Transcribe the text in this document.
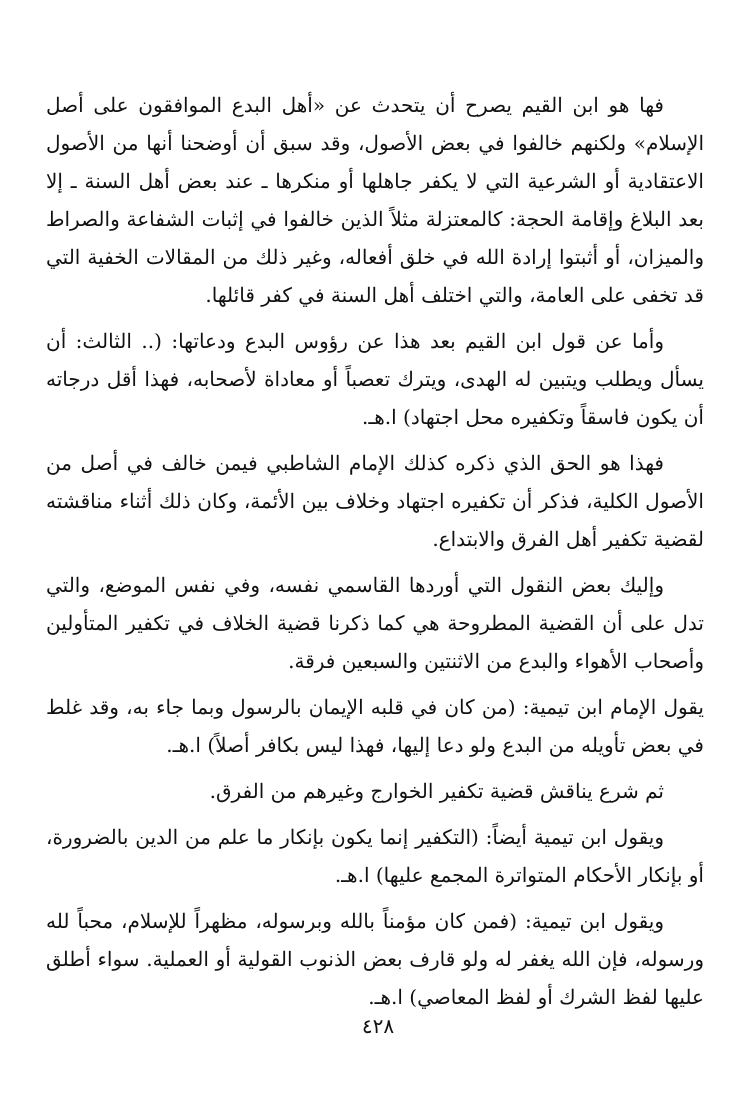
فها هو ابن القيم يصرح أن يتحدث عن «أهل البدع الموافقون على أصل الإسلام» ولكنهم خالفوا في بعض الأصول، وقد سبق أن أوضحنا أنها من الأصول الاعتقادية أو الشرعية التي لا يكفر جاهلها أو منكرها ـ عند بعض أهل السنة ـ إلا بعد البلاغ وإقامة الحجة: كالمعتزلة مثلاً الذين خالفوا في إثبات الشفاعة والصراط والميزان، أو أثبتوا إرادة الله في خلق أفعاله، وغير ذلك من المقالات الخفية التي قد تخفى على العامة، والتي اختلف أهل السنة في كفر قائلها.

وأما عن قول ابن القيم بعد هذا عن رؤوس البدع ودعاتها: (.. الثالث: أن يسأل ويطلب ويتبين له الهدى، ويترك تعصباً أو معاداة لأصحابه، فهذا أقل درجاته أن يكون فاسقاً وتكفيره محل اجتهاد) ا.هـ.

فهذا هو الحق الذي ذكره كذلك الإمام الشاطبي فيمن خالف في أصل من الأصول الكلية، فذكر أن تكفيره اجتهاد وخلاف بين الأئمة، وكان ذلك أثناء مناقشته لقضية تكفير أهل الفرق والابتداع.

وإليك بعض النقول التي أوردها القاسمي نفسه، وفي نفس الموضع، والتي تدل على أن القضية المطروحة هي كما ذكرنا قضية الخلاف في تكفير المتأولين وأصحاب الأهواء والبدع من الاثنتين والسبعين فرقة.

يقول الإمام ابن تيمية: (من كان في قلبه الإيمان بالرسول وبما جاء به، وقد غلط في بعض تأويله من البدع ولو دعا إليها، فهذا ليس بكافر أصلاً) ا.هـ.

ثم شرع يناقش قضية تكفير الخوارج وغيرهم من الفرق.

ويقول ابن تيمية أيضاً: (التكفير إنما يكون بإنكار ما علم من الدين بالضرورة، أو بإنكار الأحكام المتواترة المجمع عليها) ا.هـ.

ويقول ابن تيمية: (فمن كان مؤمناً بالله وبرسوله، مظهراً للإسلام، محباً لله ورسوله، فإن الله يغفر له ولو قارف بعض الذنوب القولية أو العملية. سواء أطلق عليها لفظ الشرك أو لفظ المعاصي) ا.هـ.

٤٢٨
